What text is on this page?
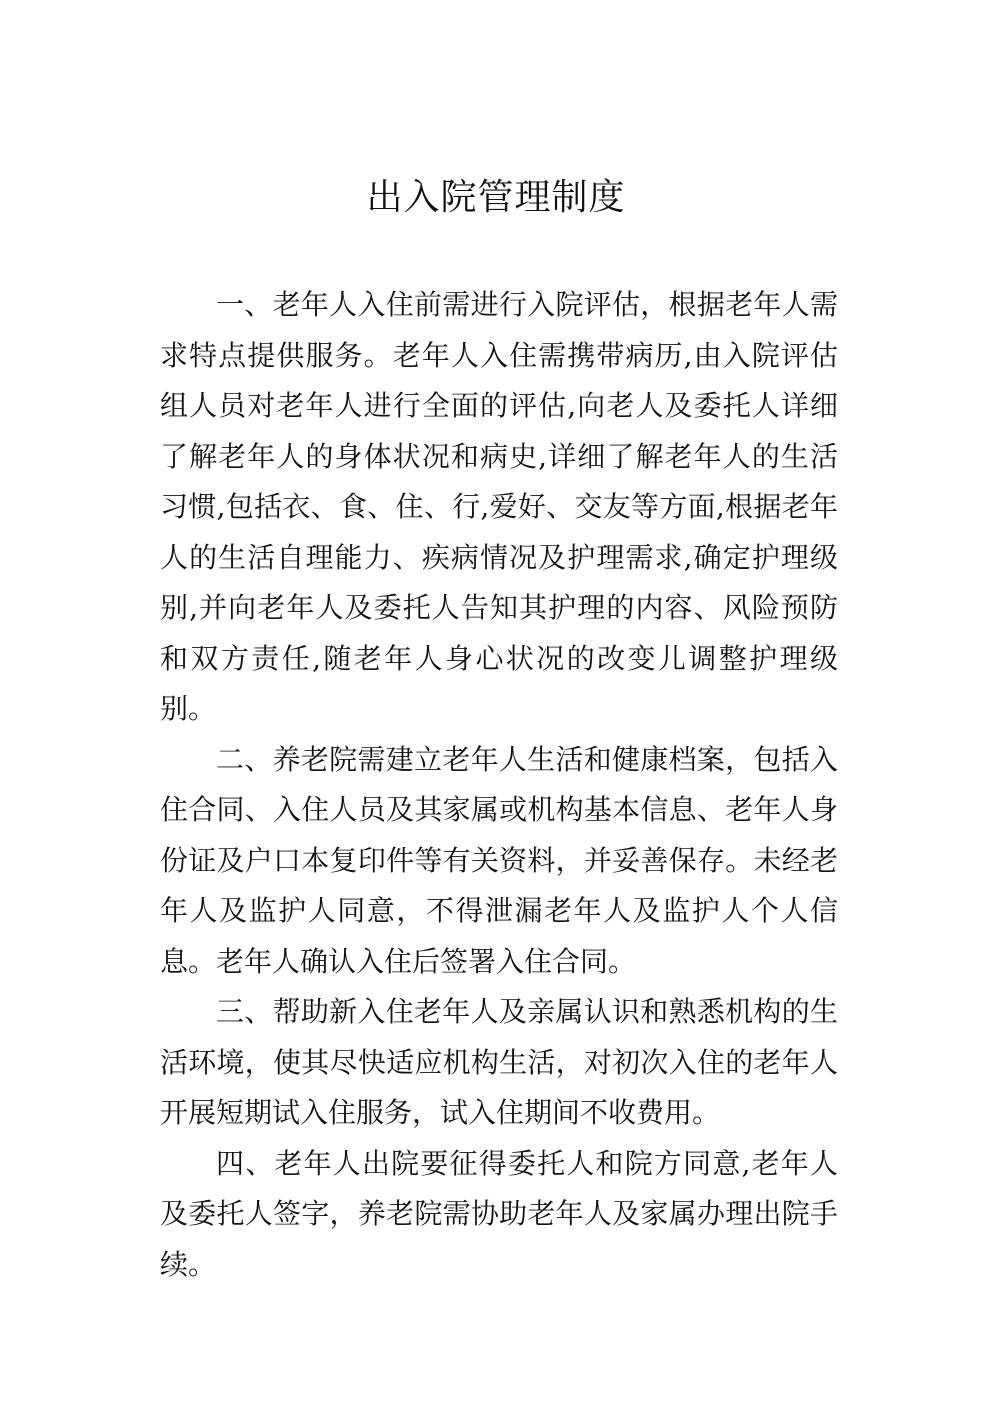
出入院管理制度

一、老年人入住前需进行入院评估，根据老年人需求特点提供服务。老年人入住需携带病历,由入院评估组人员对老年人进行全面的评估,向老人及委托人详细了解老年人的身体状况和病史,详细了解老年人的生活习惯,包括衣、食、住、行,爱好、交友等方面,根据老年人的生活自理能力、疾病情况及护理需求,确定护理级别,并向老年人及委托人告知其护理的内容、风险预防和双方责任,随老年人身心状况的改变儿调整护理级别。

二、养老院需建立老年人生活和健康档案，包括入住合同、入住人员及其家属或机构基本信息、老年人身份证及户口本复印件等有关资料，并妥善保存。未经老年人及监护人同意，不得泄漏老年人及监护人个人信息。老年人确认入住后签署入住合同。

三、帮助新入住老年人及亲属认识和熟悉机构的生活环境，使其尽快适应机构生活，对初次入住的老年人开展短期试入住服务，试入住期间不收费用。

四、老年人出院要征得委托人和院方同意,老年人及委托人签字，养老院需协助老年人及家属办理出院手续。
